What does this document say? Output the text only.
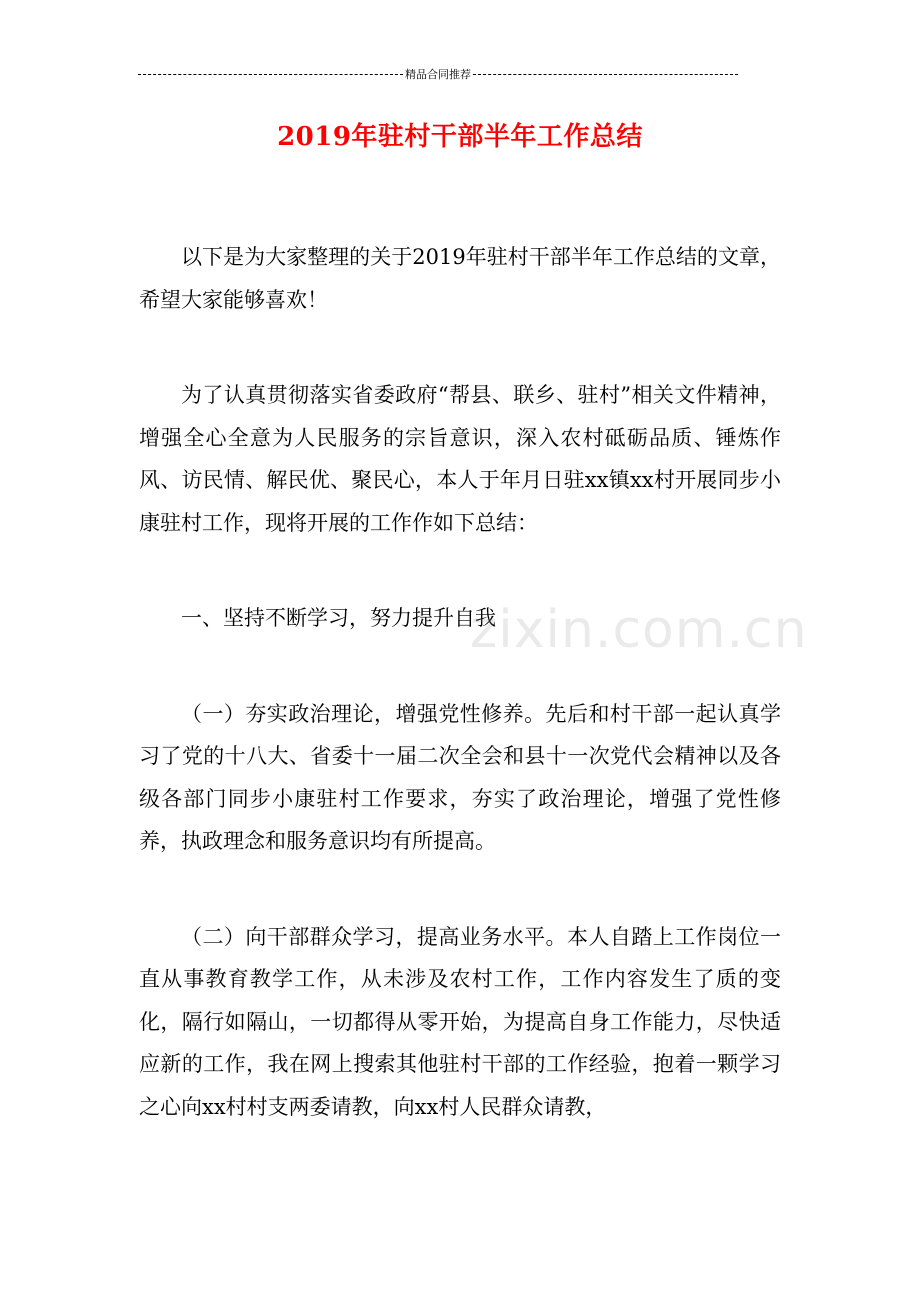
精品合同推荐
2019年驻村干部半年工作总结

以下是为大家整理的关于2019年驻村干部半年工作总结的文章，希望大家能够喜欢！

为了认真贯彻落实省委政府“帮县、联乡、驻村”相关文件精神，增强全心全意为人民服务的宗旨意识，深入农村砥砺品质、锤炼作风、访民情、解民优、聚民心，本人于年月日驻xx镇xx村开展同步小康驻村工作，现将开展的工作作如下总结：

一、坚持不断学习，努力提升自我

（一）夯实政治理论，增强党性修养。先后和村干部一起认真学习了党的十八大、省委十一届二次全会和县十一次党代会精神以及各级各部门同步小康驻村工作要求，夯实了政治理论，增强了党性修养，执政理念和服务意识均有所提高。

（二）向干部群众学习，提高业务水平。本人自踏上工作岗位一直从事教育教学工作，从未涉及农村工作，工作内容发生了质的变化，隔行如隔山，一切都得从零开始，为提高自身工作能力，尽快适应新的工作，我在网上搜索其他驻村干部的工作经验，抱着一颗学习之心向xx村村支两委请教，向xx村人民群众请教，

zixin.com.cn
